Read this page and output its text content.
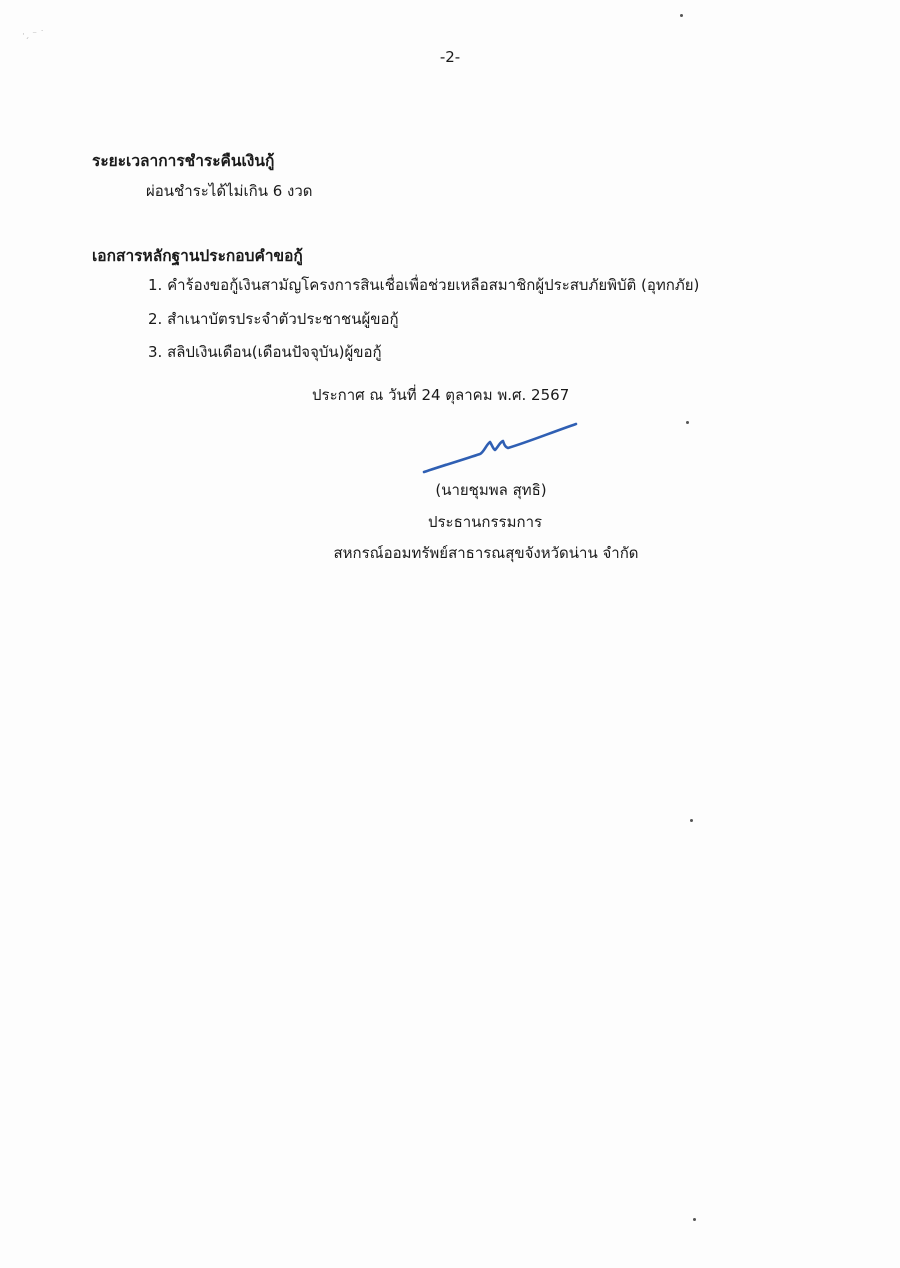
·ˏ ⁻ ˙
-2-
ระยะเวลาการชำระคืนเงินกู้
ผ่อนชำระได้ไม่เกิน 6 งวด
เอกสารหลักฐานประกอบคำขอกู้
1. คำร้องขอกู้เงินสามัญโครงการสินเชื่อเพื่อช่วยเหลือสมาชิกผู้ประสบภัยพิบัติ (อุทกภัย)
2. สำเนาบัตรประจำตัวประชาชนผู้ขอกู้
3. สลิปเงินเดือน(เดือนปัจจุบัน)ผู้ขอกู้
ประกาศ ณ วันที่ 24 ตุลาคม พ.ศ. 2567
(นายชุมพล สุทธิ)
ประธานกรรมการ
สหกรณ์ออมทรัพย์สาธารณสุขจังหวัดน่าน จำกัด
